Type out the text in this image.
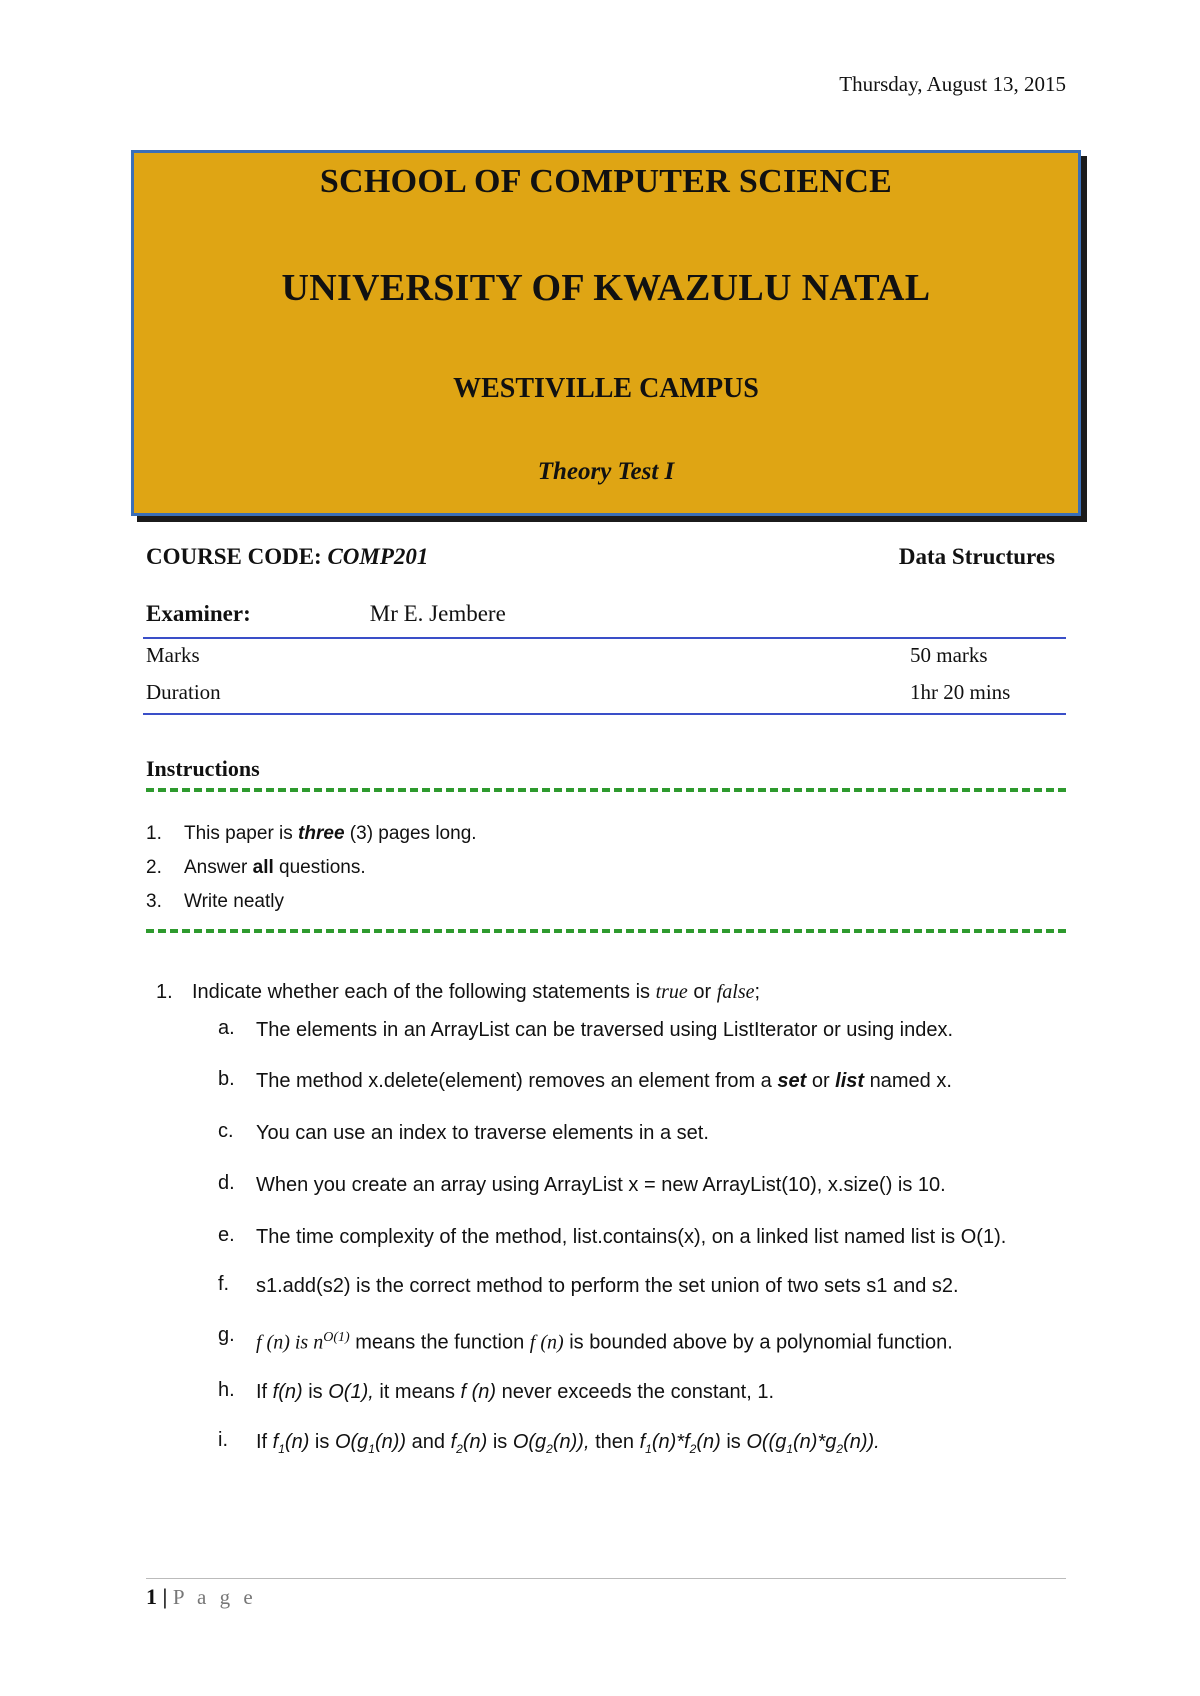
Thursday, August 13, 2015
SCHOOL OF COMPUTER SCIENCE
UNIVERSITY OF KWAZULU NATAL
WESTIVILLE CAMPUS
Theory Test I
COURSE CODE: COMP201	Data Structures
Examiner:	Mr E. Jembere
Marks	50 marks
Duration	1hr 20 mins
Instructions
1.	This paper is three (3) pages long.
2.	Answer all questions.
3.	Write neatly
1. Indicate whether each of the following statements is true or false;
a.	The elements in an ArrayList can be traversed using ListIterator or using index.
b.	The method x.delete(element) removes an element from a set or list named x.
c.	You can use an index to traverse elements in a set.
d.	When you create an array using ArrayList x = new ArrayList(10), x.size() is 10.
e.	The time complexity of the method, list.contains(x), on a linked list named list is O(1).
f.	s1.add(s2) is the correct method to perform the set union of two sets s1 and s2.
g.	f (n) is $n^{O(1)}$ means the function f (n) is bounded above by a polynomial function.
h.	If f(n) is O(1), it means f (n) never exceeds the constant, 1.
i.	If $f_1(n)$ is $O(g_1(n))$ and $f_2(n)$ is $O(g_2(n))$, then $f_1(n)*f_2(n)$ is $O((g_1(n)*g_2(n))$.
1 | P a g e
